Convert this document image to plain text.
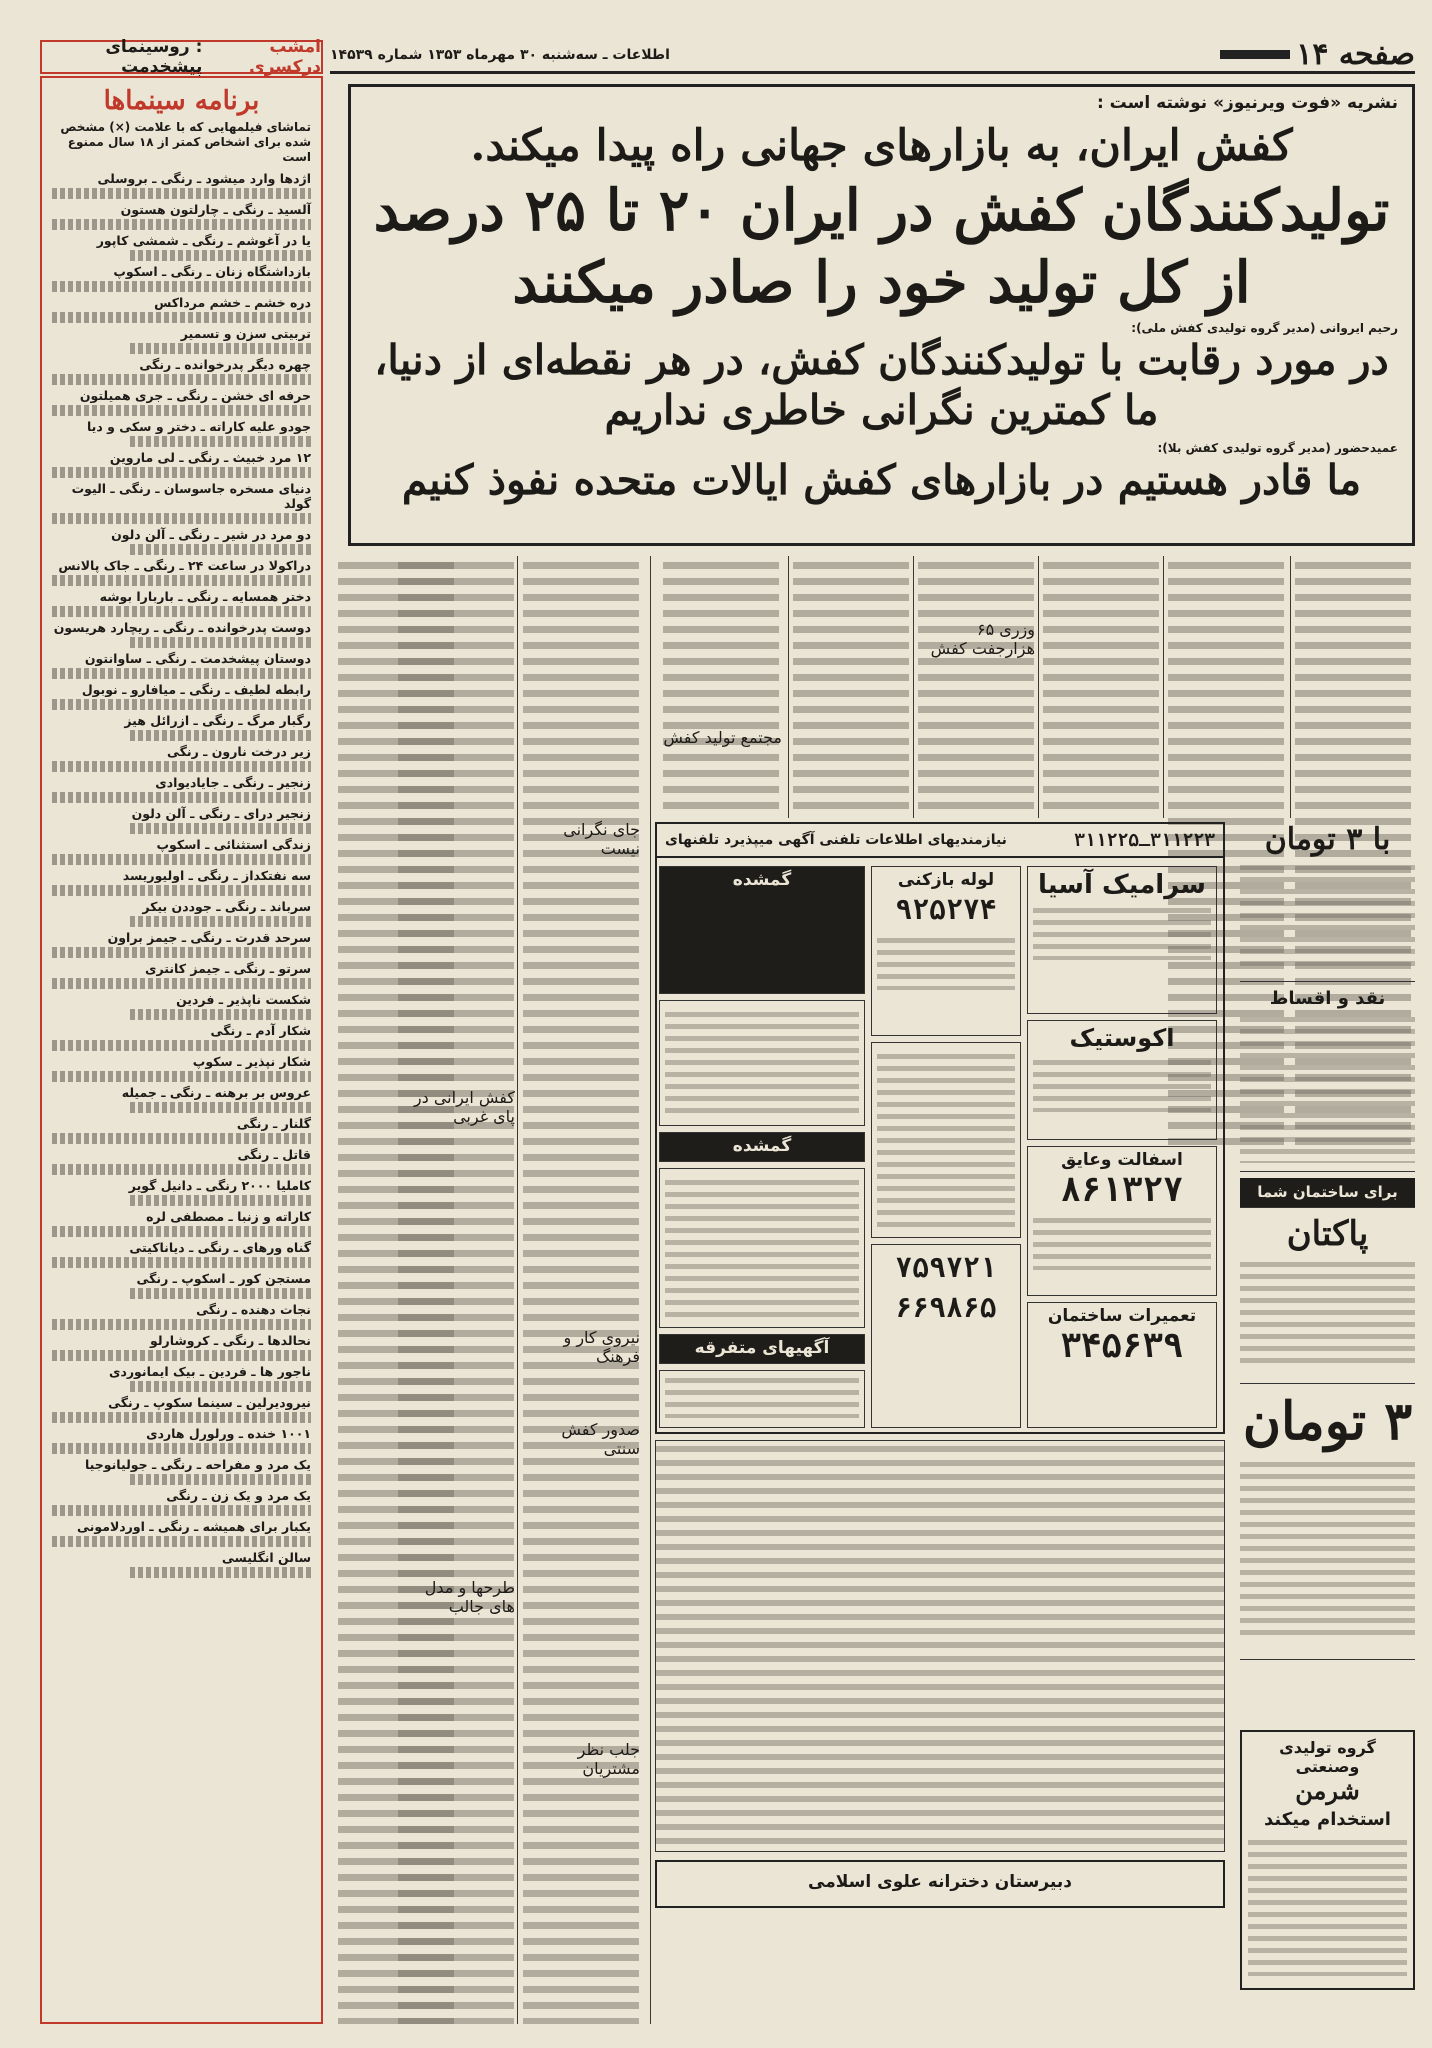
صفحه ۱۴
اطلاعات ـ سه‌شنبه ۳۰ مهرماه ۱۳۵۳ شماره ۱۴۵۳۹
امشب درکسری

: روسینمای پیشخدمت
برنامه سینماها
تماشای فیلمهایی که با علامت (×) مشخص شده برای اشخاص کمتر از ۱۸ سال ممنوع است
اژدها وارد میشود ـ رنگی ـ بروسلی
آلسید ـ رنگی ـ چارلتون هستون
یا در آغوشم ـ رنگی ـ شمشی کاپور
بازداشتگاه زنان ـ رنگی ـ اسکوپ
دره خشم ـ خشم مرداکس
تربیتی سزن و تسمیر
چهره دیگر پدرخوانده ـ رنگی
حرفه ای خشن ـ رنگی ـ جری همیلتون
جودو علیه کاراته ـ دختر و سکی و دیا
۱۲ مرد خبیث ـ رنگی ـ لی ماروین
دنیای مسخره جاسوسان ـ رنگی ـ الیوت گولد
دو مرد در شیر ـ رنگی ـ آلن دلون
دراکولا در ساعت ۲۴ ـ رنگی ـ جاک پالانس
دختر همسایه ـ رنگی ـ باربارا بوشه
دوست پدرخوانده ـ رنگی ـ ریچارد هریسون
دوستان پیشخدمت ـ رنگی ـ ساوانتون
رابطه لطیف ـ رنگی ـ میافارو ـ نوبول
رگبار مرگ ـ رنگی ـ ازرائل هیز
زیر درخت نارون ـ رنگی
زنجیر ـ رنگی ـ جایادیوادی
زنجیر درای ـ رنگی ـ آلن دلون
زندگی استثنائی ـ اسکوپ
سه نفتکداز ـ رنگی ـ اولیوریسد
سرباند ـ رنگی ـ جوددن بیکر
سرحد قدرت ـ رنگی ـ جیمز براون
سرتو ـ رنگی ـ جیمز کانتری
شکست ناپذیر ـ فردین
شکار آدم ـ رنگی
شکار نپذیر ـ سکوپ
عروس بر برهنه ـ رنگی ـ جمیله
گلنار ـ رنگی
قاتل ـ رنگی
کاملیا ۲۰۰۰ رنگی ـ دانیل گویر
کاراته و زنبا ـ مصطفی لره
گناه ورهای ـ رنگی ـ دیاناکیتی
مستجن کور ـ اسکوپ ـ رنگی
نجات دهنده ـ رنگی
نحالدها ـ رنگی ـ کروشارلو
ناجور ها ـ فردین ـ بیک ایمانوردی
نیرودیرلین ـ سینما سکوپ ـ رنگی
۱۰۰۱ خنده ـ ورلورل هاردی
یک مرد و مفراحه ـ رنگی ـ جولیانوجیا
یک مرد و یک زن ـ رنگی
یکبار برای همیشه ـ رنگی ـ اوردلامونی
سالن انگلیسی
نشریه «فوت ویرنیوز» نوشته است :
کفش ایران، به بازارهای جهانی راه پیدا میکند.
تولیدکنندگان کفش در ایران ۲۰ تا ۲۵ درصد
از کل تولید خود را صادر میکنند
رحیم ایروانی (مدیر گروه تولیدی کفش ملی):
در مورد رقابت با تولیدکنندگان کفش، در هر نقطه‌ای از دنیا،
ما کمترین نگرانی خاطری نداریم
عمیدحضور (مدیر گروه تولیدی کفش بلا):
ما قادر هستیم در بازارهای کفش ایالات متحده نفوذ کنیم
وزری ۶۵ هزارجفت کفش
مجتمع تولید کفش
جای نگرانی نیست
کفش ایرانی در پای غربی
نیروی کار و فرهنگ
صدور کفش سنتی
طرحها و مدل های جالب
جلب نظر مشتریان
۳۱۱۲۲۳ـ۳۱۱۲۲۵
نیازمندیهای اطلاعات تلفنی آگهی میپذیرد تلفنهای
سرامیک آسیا
اکوستیک
اسفالت وعایق
۸۶۱۳۲۷
تعمیرات ساختمان
۳۴۵۶۳۹
لوله بازکنی
۹۲۵۲۷۴
۷۵۹۷۲۱
۶۶۹۸۶۵
گمشده
گمشده
آگهیهای متفرقه
دبیرستان دخترانه علوی اسلامی
با ۳ تومان
نقد و اقساط
برای ساختمان شما
پاکتان
۳ تومان
گروه تولیدی وصنعتی
شرمن
استخدام میکند
